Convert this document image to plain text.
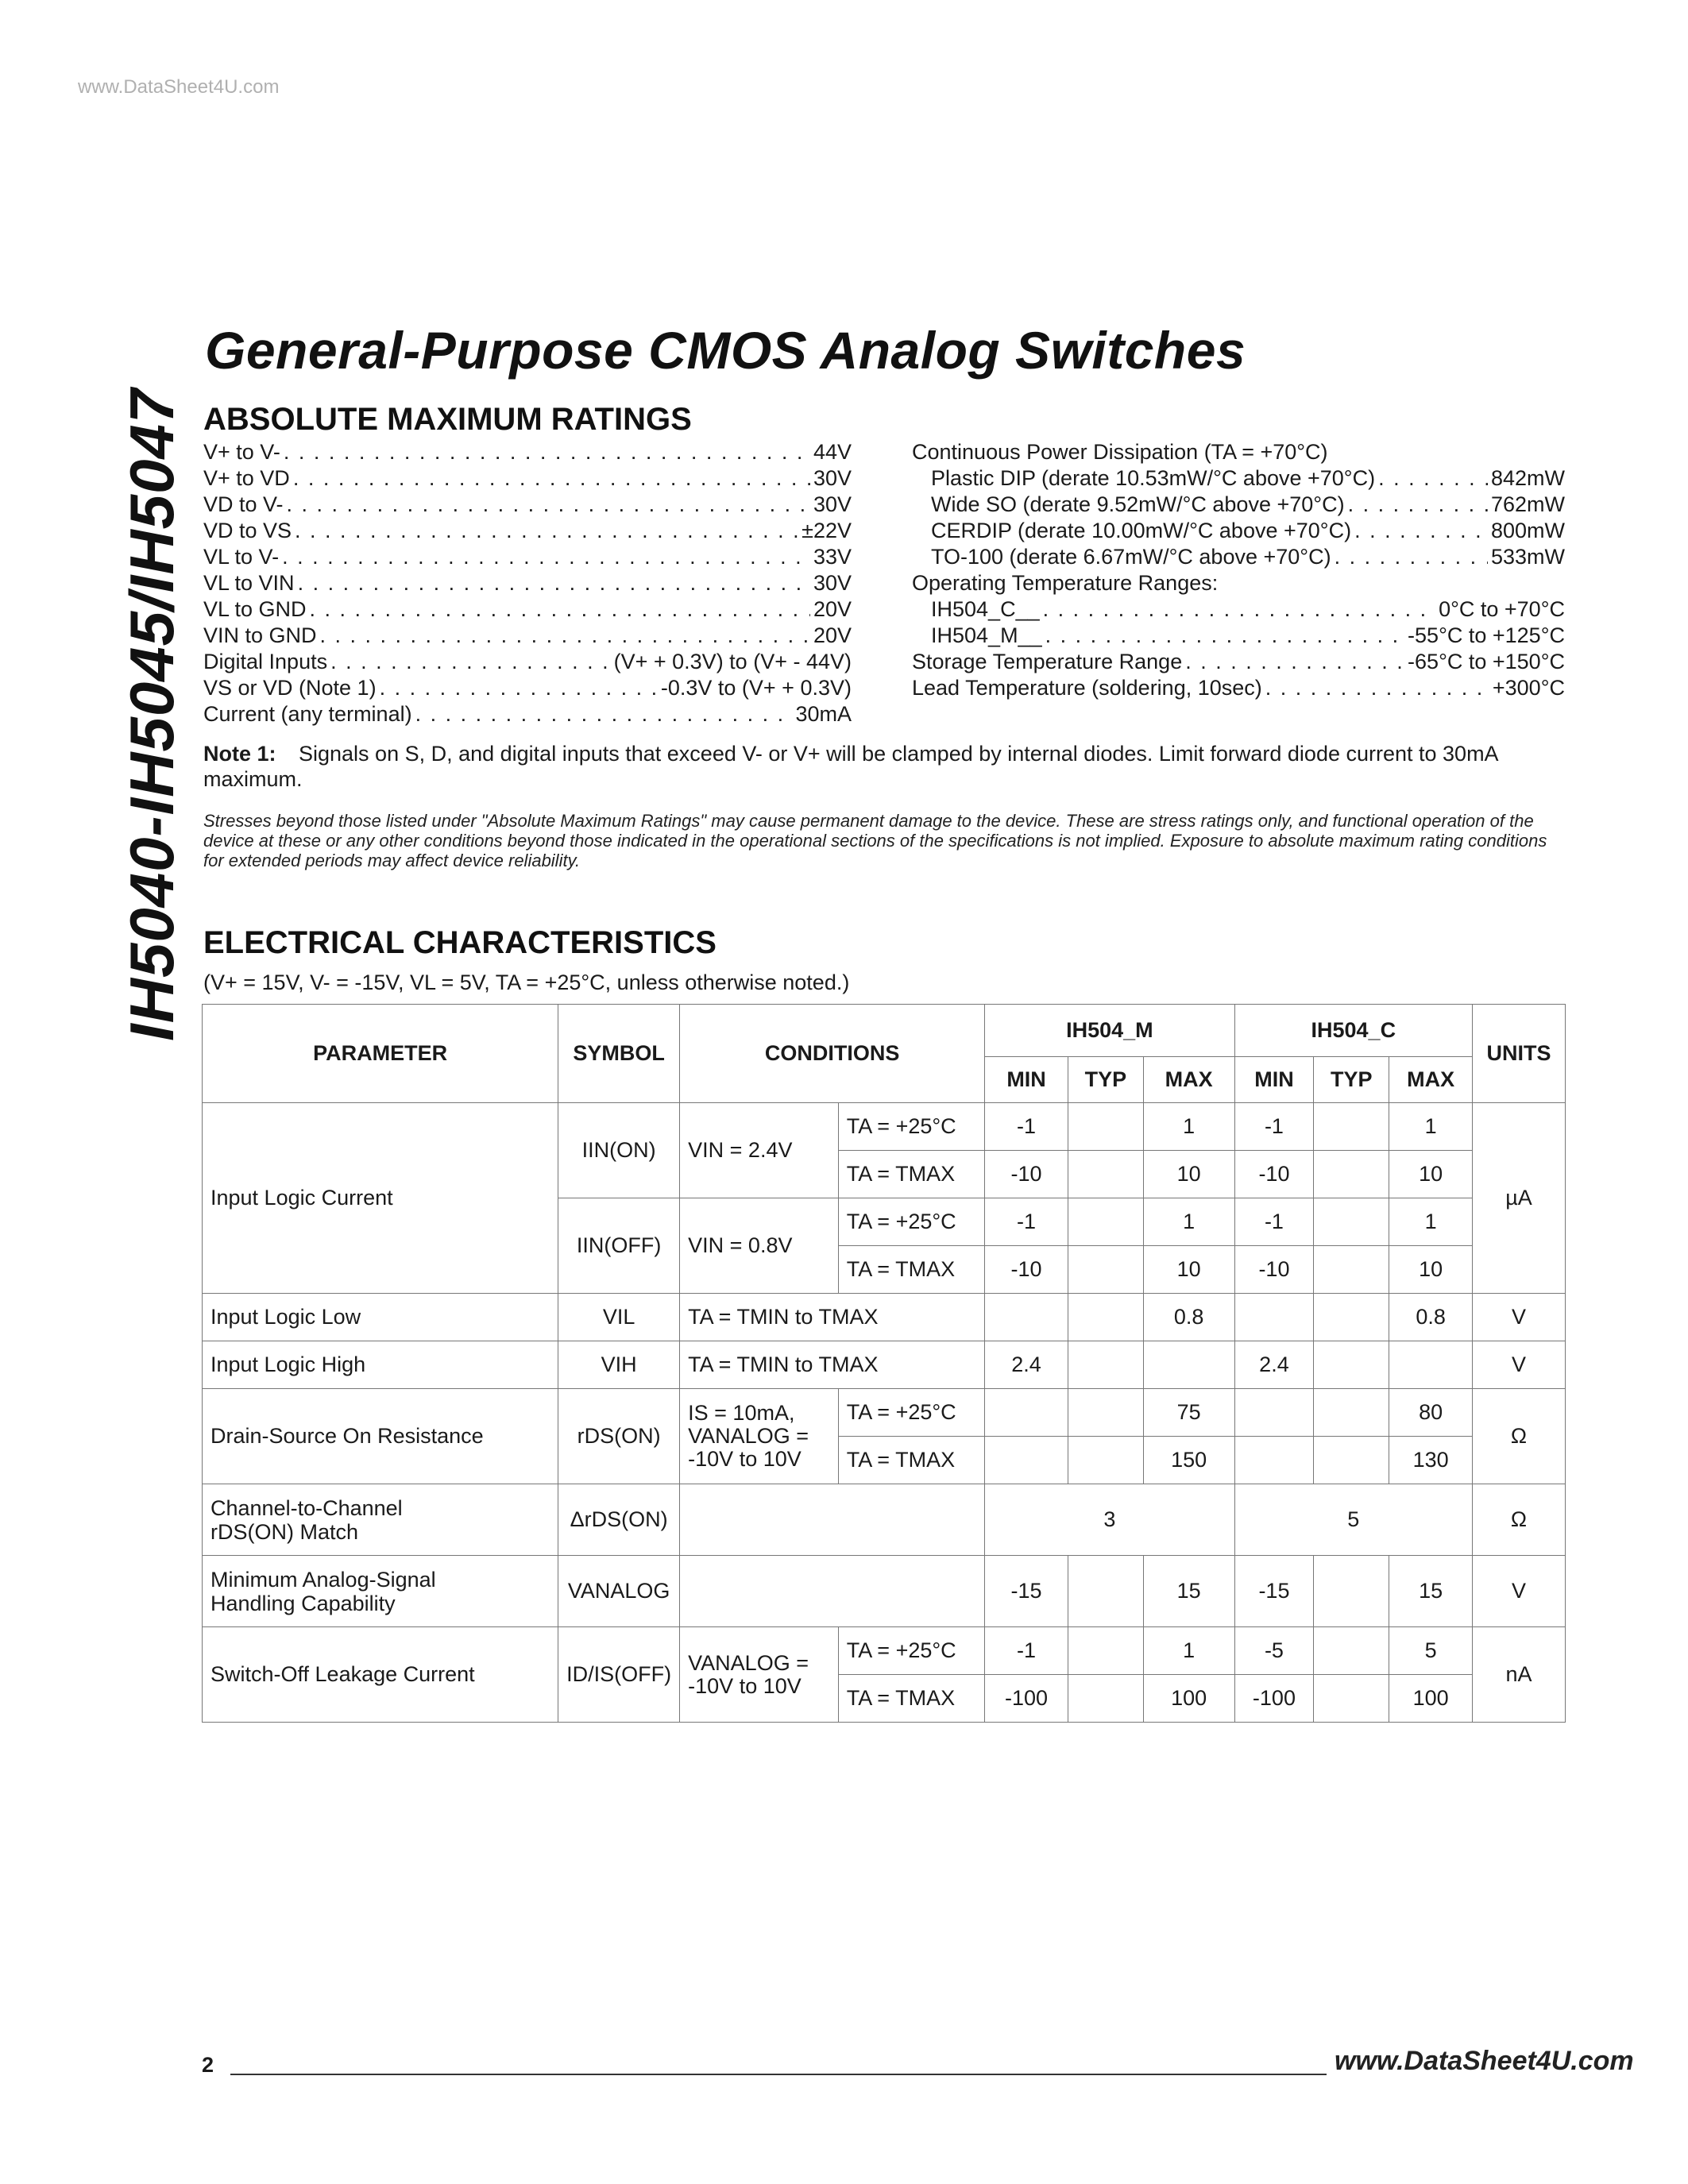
www.DataSheet4U.com
IH5040-IH5045/IH5047
General-Purpose CMOS Analog Switches
ABSOLUTE MAXIMUM RATINGS
V+ to V- . . .	44V
V+ to VD . . .	30V
VD to V- . . .	30V
VD to VS . . .	±22V
VL to V- . . .	33V
VL to VIN . . .	30V
VL to GND . . .	20V
VIN to GND . . .	20V
Digital Inputs . . .	(V+ + 0.3V) to (V+ - 44V)
VS or VD (Note 1) . . .	-0.3V to (V+ + 0.3V)
Current (any terminal) . . .	30mA
Continuous Power Dissipation (TA = +70°C)
Plastic DIP (derate 10.53mW/°C above +70°C) . . .	842mW
Wide SO (derate 9.52mW/°C above +70°C) . . .	762mW
CERDIP (derate 10.00mW/°C above +70°C) . . .	800mW
TO-100 (derate 6.67mW/°C above +70°C) . . .	533mW
Operating Temperature Ranges:
IH504_C__ . . .	0°C to +70°C
IH504_M__ . . .	-55°C to +125°C
Storage Temperature Range . . .	-65°C to +150°C
Lead Temperature (soldering, 10sec) . . .	+300°C
Note 1: Signals on S, D, and digital inputs that exceed V- or V+ will be clamped by internal diodes. Limit forward diode current to 30mA maximum.
Stresses beyond those listed under "Absolute Maximum Ratings" may cause permanent damage to the device. These are stress ratings only, and functional operation of the device at these or any other conditions beyond those indicated in the operational sections of the specifications is not implied. Exposure to absolute maximum rating conditions for extended periods may affect device reliability.
ELECTRICAL CHARACTERISTICS
(V+ = 15V, V- = -15V, VL = 5V, TA = +25°C, unless otherwise noted.)
PARAMETER	SYMBOL	CONDITIONS		IH504_M			IH504_C			UNITS
				MIN	TYP	MAX	MIN	TYP	MAX	
Input Logic Current	IIN(ON)	VIN = 2.4V	TA = +25°C	-1		1	-1		1	µA
			TA = TMAX	-10		10	-10		10	
	IIN(OFF)	VIN = 0.8V	TA = +25°C	-1		1	-1		1	
			TA = TMAX	-10		10	-10		10	
Input Logic Low	VIL	TA = TMIN to TMAX				0.8			0.8	V
Input Logic High	VIH	TA = TMIN to TMAX		2.4			2.4			V
Drain-Source On Resistance	rDS(ON)	IS = 10mA,
VANALOG =
-10V to 10V	TA = +25°C			75			80	Ω
			TA = TMAX			150			130	

Channel-to-Channel
rDS(ON) Match	ΔrDS(ON)			3			5			Ω

Minimum Analog-Signal
Handling Capability	VANALOG			-15		15	-15		15	V
Switch-Off Leakage Current	ID/IS(OFF)	VANALOG =
-10V to 10V	TA = +25°C	-1		1	-5		5	nA
			TA = TMAX	-100		100	-100		100	
2	www.DataSheet4U.com
